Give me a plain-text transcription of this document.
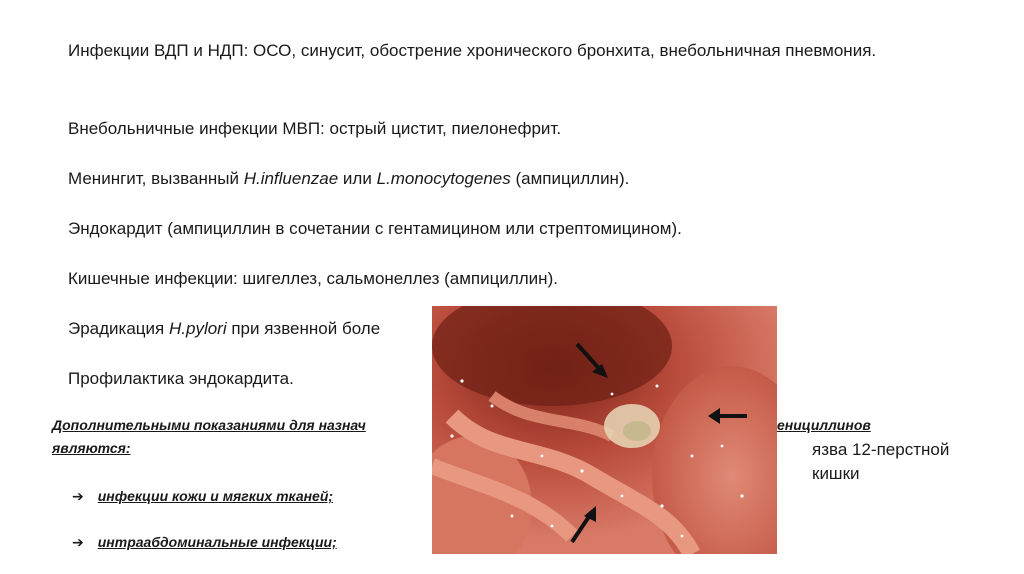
Инфекции ВДП и НДП: ОСО, синусит, обострение хронического бронхита, внебольничная пневмония.
Внебольничные инфекции МВП: острый цистит, пиелонефрит.
Менингит, вызванный H.influenzae или L.monocytogenes (ампициллин).
Эндокардит (ампициллин в сочетании с гентамицином или стрептомицином).
Кишечные инфекции: шигеллез, сальмонеллез (ампициллин).
Эрадикация H.pylori при язвенной боле
Профилактика эндокардита.
Дополнительными показаниями для назнач	енициллинов
являются:
➔ инфекции кожи и мягких тканей;
➔ интраабдоминальные инфекции;
язва 12-перстной кишки
